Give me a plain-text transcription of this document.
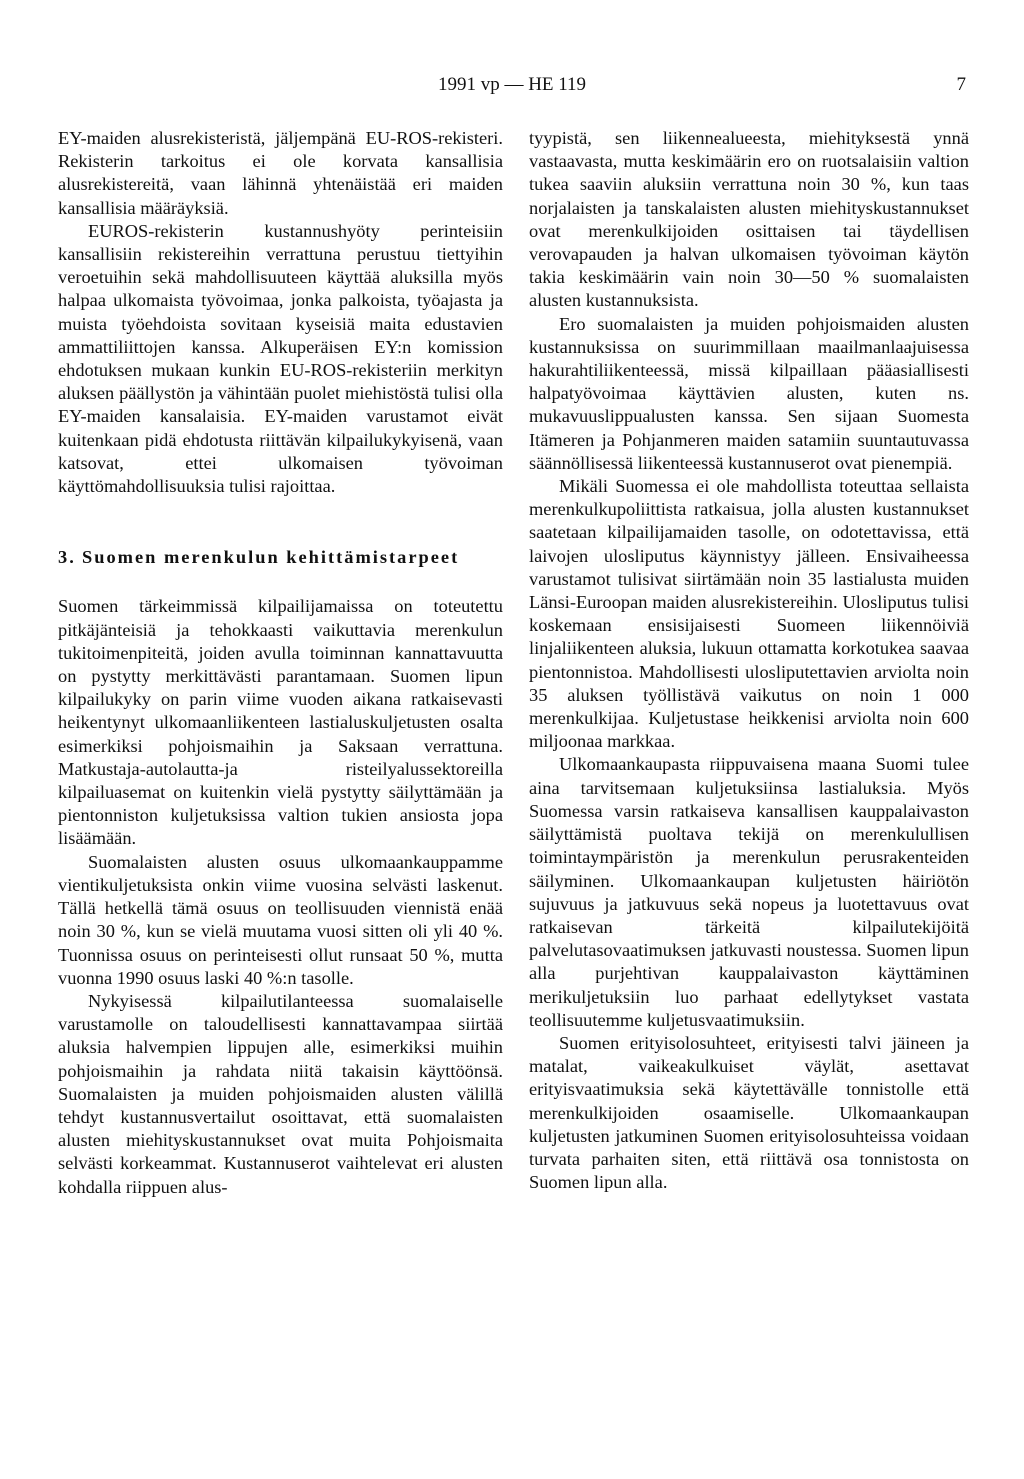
1991 vp — HE 119	7

EY-maiden alusrekisteristä, jäljempänä EU-ROS-rekisteri. Rekisterin tarkoitus ei ole korvata kansallisia alusrekistereitä, vaan lähinnä yhtenäistää eri maiden kansallisia määräyksiä.

EUROS-rekisterin kustannushyöty perinteisiin kansallisiin rekistereihin verrattuna perustuu tiettyihin veroetuihin sekä mahdollisuuteen käyttää aluksilla myös halpaa ulkomaista työvoimaa, jonka palkoista, työajasta ja muista työehdoista sovitaan kyseisiä maita edustavien ammattiliittojen kanssa. Alkuperäisen EY:n komission ehdotuksen mukaan kunkin EU-ROS-rekisteriin merkityn aluksen päällystön ja vähintään puolet miehistöstä tulisi olla EY-maiden kansalaisia. EY-maiden varustamot eivät kuitenkaan pidä ehdotusta riittävän kilpailukykyisenä, vaan katsovat, ettei ulkomaisen työvoiman käyttömahdollisuuksia tulisi rajoittaa.

3. Suomen merenkulun kehittämistarpeet

Suomen tärkeimmissä kilpailijamaissa on toteutettu pitkäjänteisiä ja tehokkaasti vaikuttavia merenkulun tukitoimenpiteitä, joiden avulla toiminnan kannattavuutta on pystytty merkittävästi parantamaan. Suomen lipun kilpailukyky on parin viime vuoden aikana ratkaisevasti heikentynyt ulkomaanliikenteen lastialuskuljetusten osalta esimerkiksi pohjoismaihin ja Saksaan verrattuna. Matkustaja-autolautta-ja risteilyalussektoreilla kilpailuasemat on kuitenkin vielä pystytty säilyttämään ja pientonniston kuljetuksissa valtion tukien ansiosta jopa lisäämään.

Suomalaisten alusten osuus ulkomaankauppamme vientikuljetuksista onkin viime vuosina selvästi laskenut. Tällä hetkellä tämä osuus on teollisuuden viennistä enää noin 30 %, kun se vielä muutama vuosi sitten oli yli 40 %. Tuonnissa osuus on perinteisesti ollut runsaat 50 %, mutta vuonna 1990 osuus laski 40 %:n tasolle.

Nykyisessä kilpailutilanteessa suomalaiselle varustamolle on taloudellisesti kannattavampaa siirtää aluksia halvempien lippujen alle, esimerkiksi muihin pohjoismaihin ja rahdata niitä takaisin käyttöönsä. Suomalaisten ja muiden pohjoismaiden alusten välillä tehdyt kustannusvertailut osoittavat, että suomalaisten alusten miehityskustannukset ovat muita Pohjoismaita selvästi korkeammat. Kustannuserot vaihtelevat eri alusten kohdalla riippuen alus-

tyypistä, sen liikennealueesta, miehityksestä ynnä vastaavasta, mutta keskimäärin ero on ruotsalaisiin valtion tukea saaviin aluksiin verrattuna noin 30 %, kun taas norjalaisten ja tanskalaisten alusten miehityskustannukset ovat merenkulkijoiden osittaisen tai täydellisen verovapauden ja halvan ulkomaisen työvoiman käytön takia keskimäärin vain noin 30—50 % suomalaisten alusten kustannuksista.

Ero suomalaisten ja muiden pohjoismaiden alusten kustannuksissa on suurimmillaan maailmanlaajuisessa hakurahtiliikenteessä, missä kilpaillaan pääasiallisesti halpatyövoimaa käyttävien alusten, kuten ns. mukavuuslippualusten kanssa. Sen sijaan Suomesta Itämeren ja Pohjanmeren maiden satamiin suuntautuvassa säännöllisessä liikenteessä kustannuserot ovat pienempiä.

Mikäli Suomessa ei ole mahdollista toteuttaa sellaista merenkulkupoliittista ratkaisua, jolla alusten kustannukset saatetaan kilpailijamaiden tasolle, on odotettavissa, että laivojen ulosliputus käynnistyy jälleen. Ensivaiheessa varustamot tulisivat siirtämään noin 35 lastialusta muiden Länsi-Euroopan maiden alusrekistereihin. Ulosliputus tulisi koskemaan ensisijaisesti Suomeen liikennöiviä linjaliikenteen aluksia, lukuun ottamatta korkotukea saavaa pientonnistoa. Mahdollisesti ulosliputettavien arviolta noin 35 aluksen työllistävä vaikutus on noin 1 000 merenkulkijaa. Kuljetustase heikkenisi arviolta noin 600 miljoonaa markkaa.

Ulkomaankaupasta riippuvaisena maana Suomi tulee aina tarvitsemaan kuljetuksiinsa lastialuksia. Myös Suomessa varsin ratkaiseva kansallisen kauppalaivaston säilyttämistä puoltava tekijä on merenkulullisen toimintaympäristön ja merenkulun perusrakenteiden säilyminen. Ulkomaankaupan kuljetusten häiriötön sujuvuus ja jatkuvuus sekä nopeus ja luotettavuus ovat ratkaisevan tärkeitä kilpailutekijöitä palvelutasovaatimuksen jatkuvasti noustessa. Suomen lipun alla purjehtivan kauppalaivaston käyttäminen merikuljetuksiin luo parhaat edellytykset vastata teollisuutemme kuljetusvaatimuksiin.

Suomen erityisolosuhteet, erityisesti talvi jäineen ja matalat, vaikeakulkuiset väylät, asettavat erityisvaatimuksia sekä käytettävälle tonnistolle että merenkulkijoiden osaamiselle. Ulkomaankaupan kuljetusten jatkuminen Suomen erityisolosuhteissa voidaan turvata parhaiten siten, että riittävä osa tonnistosta on Suomen lipun alla.
